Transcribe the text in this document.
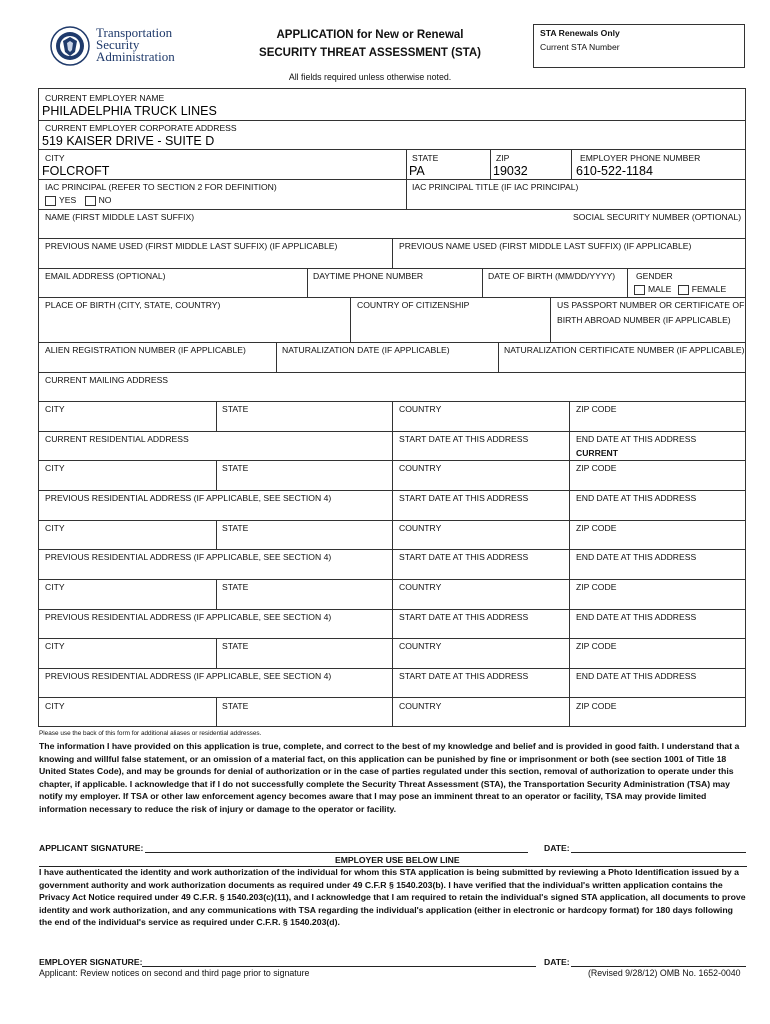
Transportation
Security
Administration
APPLICATION for New or Renewal
SECURITY THREAT ASSESSMENT (STA)
All fields required unless otherwise noted.
STA Renewals Only
Current STA Number
CURRENT EMPLOYER NAME
PHILADELPHIA TRUCK LINES
CURRENT EMPLOYER CORPORATE ADDRESS
519 KAISER DRIVE - SUITE D
CITY
FOLCROFT
STATE
PA
ZIP
19032
EMPLOYER PHONE NUMBER
610-522-1184
IAC PRINCIPAL (REFER TO SECTION 2 FOR DEFINITION)
YES	NO
IAC PRINCIPAL TITLE (IF IAC PRINCIPAL)
NAME (FIRST MIDDLE LAST SUFFIX)	SOCIAL SECURITY NUMBER (OPTIONAL)
PREVIOUS NAME USED (FIRST MIDDLE LAST SUFFIX) (IF APPLICABLE)	PREVIOUS NAME USED (FIRST MIDDLE LAST SUFFIX) (IF APPLICABLE)
EMAIL ADDRESS (OPTIONAL)	DAYTIME PHONE NUMBER	DATE OF BIRTH (MM/DD/YYYY) GENDER
MALE FEMALE
PLACE OF BIRTH (CITY, STATE, COUNTRY)	COUNTRY OF CITIZENSHIP	US PASSPORT NUMBER OR CERTIFICATE OF
BIRTH ABROAD NUMBER (IF APPLICABLE)
ALIEN REGISTRATION NUMBER (IF APPLICABLE)	NATURALIZATION DATE (IF APPLICABLE)	NATURALIZATION CERTIFICATE NUMBER (IF APPLICABLE)
CURRENT MAILING ADDRESS
CITY	STATE	COUNTRY	ZIP CODE
CURRENT RESIDENTIAL ADDRESS	START DATE AT THIS ADDRESS	END DATE AT THIS ADDRESS
CURRENT
CITY	STATE	COUNTRY	ZIP CODE
PREVIOUS RESIDENTIAL ADDRESS (IF APPLICABLE, SEE SECTION 4)	START DATE AT THIS ADDRESS	END DATE AT THIS ADDRESS
CITY	STATE	COUNTRY	ZIP CODE
PREVIOUS RESIDENTIAL ADDRESS (IF APPLICABLE, SEE SECTION 4)	START DATE AT THIS ADDRESS	END DATE AT THIS ADDRESS
CITY	STATE	COUNTRY	ZIP CODE
PREVIOUS RESIDENTIAL ADDRESS (IF APPLICABLE, SEE SECTION 4)	START DATE AT THIS ADDRESS	END DATE AT THIS ADDRESS
CITY	STATE	COUNTRY	ZIP CODE
PREVIOUS RESIDENTIAL ADDRESS (IF APPLICABLE, SEE SECTION 4)	START DATE AT THIS ADDRESS	END DATE AT THIS ADDRESS
CITY	STATE	COUNTRY	ZIP CODE
Please use the back of this form for additional aliases or residential addresses.
The information I have provided on this application is true, complete, and correct to the best of my knowledge and belief and is provided in good faith. I understand that a knowing and willful false statement, or an omission of a material fact, on this application can be punished by fine or imprisonment or both (see section 1001 of Title 18 United States Code), and may be grounds for denial of authorization or in the case of parties regulated under this section, removal of authorization to operate under this chapter, if applicable. I acknowledge that if I do not successfully complete the Security Threat Assessment (STA), the Transportation Security Administration (TSA) may notify my employer. If TSA or other law enforcement agency becomes aware that I may pose an imminent threat to an operator or facility, TSA may provide limited information necessary to reduce the risk of injury or damage to the operator or facility.
APPLICANT SIGNATURE:	DATE:
EMPLOYER USE BELOW LINE
I have authenticated the identity and work authorization of the individual for whom this STA application is being submitted by reviewing a Photo Identification issued by a government authority and work authorization documents as required under 49 C.F.R § 1540.203(b). I have verified that the individual's written application contains the Privacy Act Notice required under 49 C.F.R. § 1540.203(c)(11), and I acknowledge that I am required to retain the individual's signed STA application, all documents to prove identity and work authorization, and any communications with TSA regarding the individual's application (either in electronic or hardcopy format) for 180 days following the end of the individual's service as required under C.F.R. § 1540.203(d).
EMPLOYER SIGNATURE:	DATE:
Applicant: Review notices on second and third page prior to signature	(Revised 9/28/12) OMB No. 1652-0040
